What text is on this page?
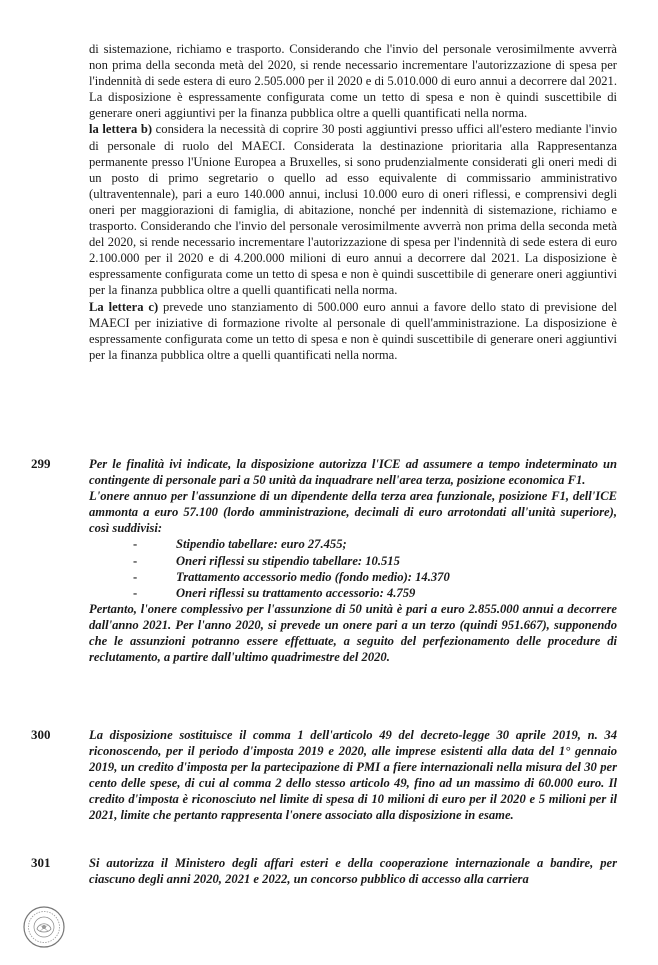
di sistemazione, richiamo e trasporto. Considerando che l'invio del personale verosimilmente avverrà non prima della seconda metà del 2020, si rende necessario incrementare l'autorizzazione di spesa per l'indennità di sede estera di euro 2.505.000 per il 2020 e di 5.010.000 di euro annui a decorrere dal 2021. La disposizione è espressamente configurata come un tetto di spesa e non è quindi suscettibile di generare oneri aggiuntivi per la finanza pubblica oltre a quelli quantificati nella norma.

la lettera b) considera la necessità di coprire 30 posti aggiuntivi presso uffici all'estero mediante l'invio di personale di ruolo del MAECI. Considerata la destinazione prioritaria alla Rappresentanza permanente presso l'Unione Europea a Bruxelles, si sono prudenzialmente considerati gli oneri medi di un posto di primo segretario o quello ad esso equivalente di commissario amministrativo (ultraventennale), pari a euro 140.000 annui, inclusi 10.000 euro di oneri riflessi, e comprensivi degli oneri per maggiorazioni di famiglia, di abitazione, nonché per indennità di sistemazione, richiamo e trasporto. Considerando che l'invio del personale verosimilmente avverrà non prima della seconda metà del 2020, si rende necessario incrementare l'autorizzazione di spesa per l'indennità di sede estera di euro 2.100.000 per il 2020 e di 4.200.000 milioni di euro annui a decorrere dal 2021. La disposizione è espressamente configurata come un tetto di spesa e non è quindi suscettibile di generare oneri aggiuntivi per la finanza pubblica oltre a quelli quantificati nella norma.

La lettera c) prevede uno stanziamento di 500.000 euro annui a favore dello stato di previsione del MAECI per iniziative di formazione rivolte al personale di quell'amministrazione. La disposizione è espressamente configurata come un tetto di spesa e non è quindi suscettibile di generare oneri aggiuntivi per la finanza pubblica oltre a quelli quantificati nella norma.

299	Per le finalità ivi indicate, la disposizione autorizza l'ICE ad assumere a tempo indeterminato un contingente di personale pari a 50 unità da inquadrare nell'area terza, posizione economica F1.

L'onere annuo per l'assunzione di un dipendente della terza area funzionale, posizione F1, dell'ICE ammonta a euro 57.100 (lordo amministrazione, decimali di euro arrotondati all'unità superiore), così suddivisi:

-	Stipendio tabellare: euro 27.455;
-	Oneri riflessi su stipendio tabellare: 10.515
-	Trattamento accessorio medio (fondo medio): 14.370
-	Oneri riflessi su trattamento accessorio: 4.759

Pertanto, l'onere complessivo per l'assunzione di 50 unità è pari a euro 2.855.000 annui a decorrere dall'anno 2021. Per l'anno 2020, si prevede un onere pari a un terzo (quindi 951.667), supponendo che le assunzioni potranno essere effettuate, a seguito del perfezionamento delle procedure di reclutamento, a partire dall'ultimo quadrimestre del 2020.

300	La disposizione sostituisce il comma 1 dell'articolo 49 del decreto-legge 30 aprile 2019, n. 34 riconoscendo, per il periodo d'imposta 2019 e 2020, alle imprese esistenti alla data del 1° gennaio 2019, un credito d'imposta per la partecipazione di PMI a fiere internazionali nella misura del 30 per cento delle spese, di cui al comma 2 dello stesso articolo 49, fino ad un massimo di 60.000 euro. Il credito d'imposta è riconosciuto nel limite di spesa di 10 milioni di euro per il 2020 e 5 milioni per il 2021, limite che pertanto rappresenta l'onere associato alla disposizione in esame.

301	Si autorizza il Ministero degli affari esteri e della cooperazione internazionale a bandire, per ciascuno degli anni 2020, 2021 e 2022, un concorso pubblico di accesso alla carriera
